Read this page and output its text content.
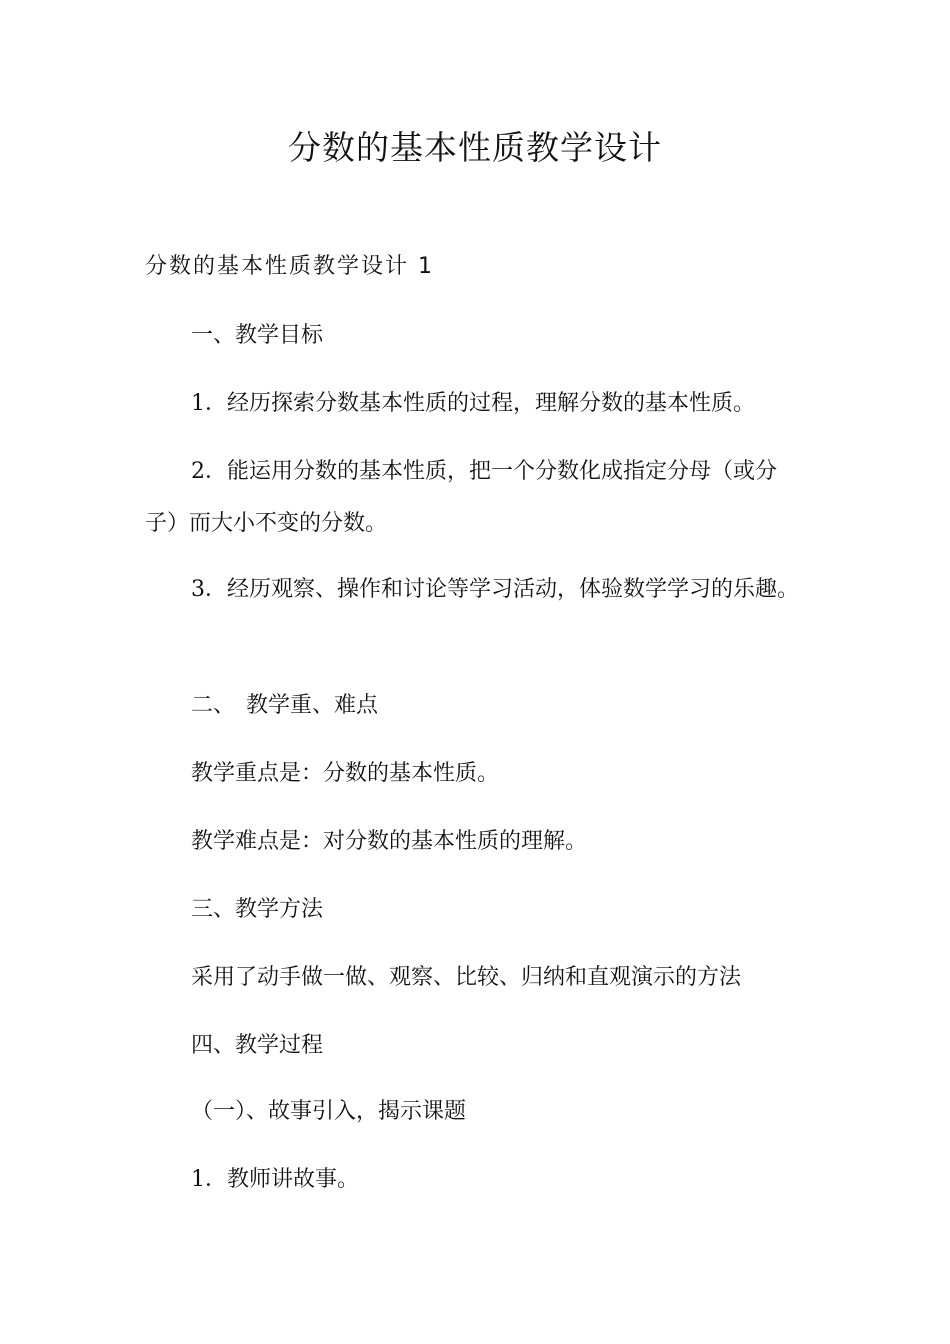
分数的基本性质教学设计
分数的基本性质教学设计 1

一、教学目标

1．经历探索分数基本性质的过程，理解分数的基本性质。

2．能运用分数的基本性质，把一个分数化成指定分母（或分子）而大小不变的分数。

3．经历观察、操作和讨论等学习活动，体验数学学习的乐趣。

二、　教学重、难点

教学重点是：分数的基本性质。

教学难点是：对分数的基本性质的理解。

三、教学方法

采用了动手做一做、观察、比较、归纳和直观演示的方法

四、教学过程

（一）、故事引入，揭示课题

1．教师讲故事。
